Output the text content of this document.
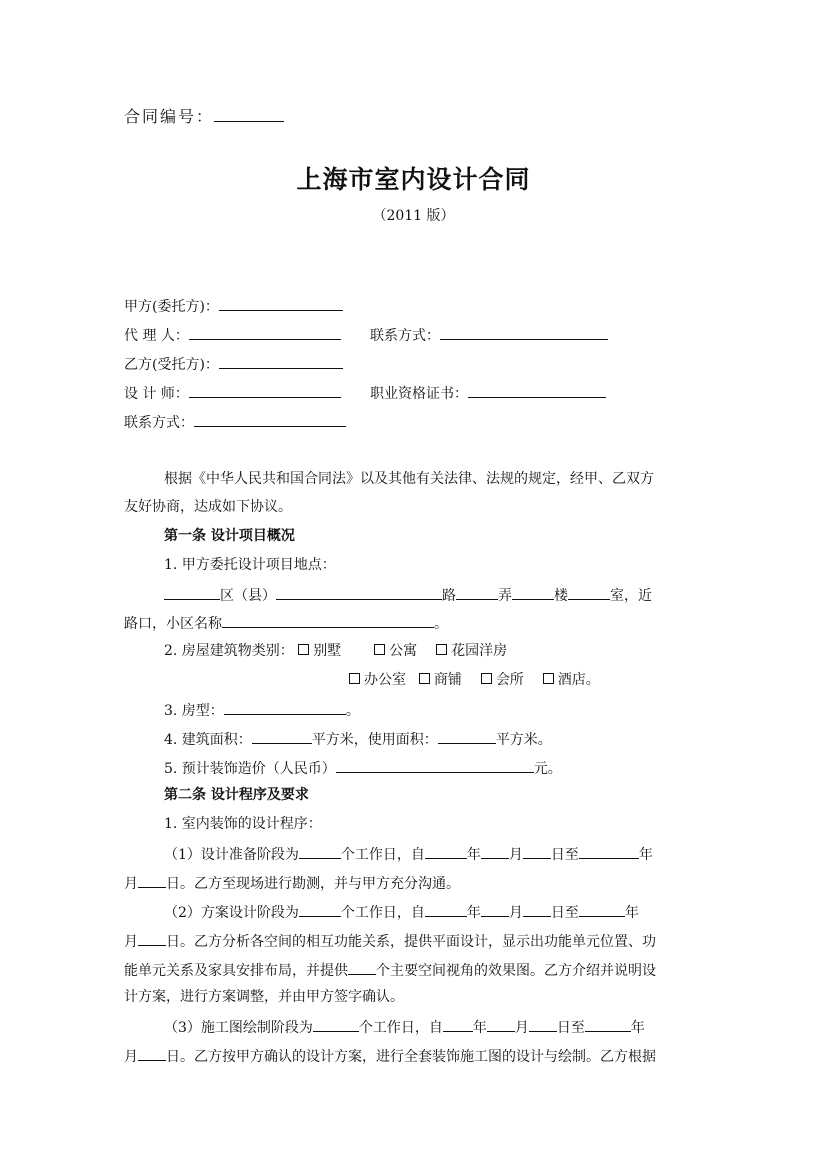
合同编号：
上海市室内设计合同
（2011 版）
甲方(委托方)：
代 理 人：	联系方式：
乙方(受托方)：
设 计 师：	职业资格证书：
联系方式：
根据《中华人民共和国合同法》以及其他有关法律、法规的规定，经甲、乙双方
友好协商，达成如下协议。
第一条 设计项目概况
1. 甲方委托设计项目地点：
区（县）	路	弄	楼	室，近
路口，小区名称	。
2. 房屋建筑物类别： 别墅	公寓 花园洋房
办公室 商铺 会所 酒店。
3. 房型：	。
4. 建筑面积：	平方米，使用面积：	平方米。
5. 预计装饰造价（人民币）	元。
第二条 设计程序及要求
1. 室内装饰的设计程序：
（1）设计准备阶段为	个工作日，自	年 月 日至	年
月 日。乙方至现场进行勘测，并与甲方充分沟通。
（2）方案设计阶段为	个工作日，自	年 月 日至	年
月 日。乙方分析各空间的相互功能关系，提供平面设计，显示出功能单元位置、功
能单元关系及家具安排布局，并提供 个主要空间视角的效果图。乙方介绍并说明设
计方案，进行方案调整，并由甲方签字确认。
（3）施工图绘制阶段为	个工作日，自 年 月 日至	年
月 日。乙方按甲方确认的设计方案，进行全套装饰施工图的设计与绘制。乙方根据
